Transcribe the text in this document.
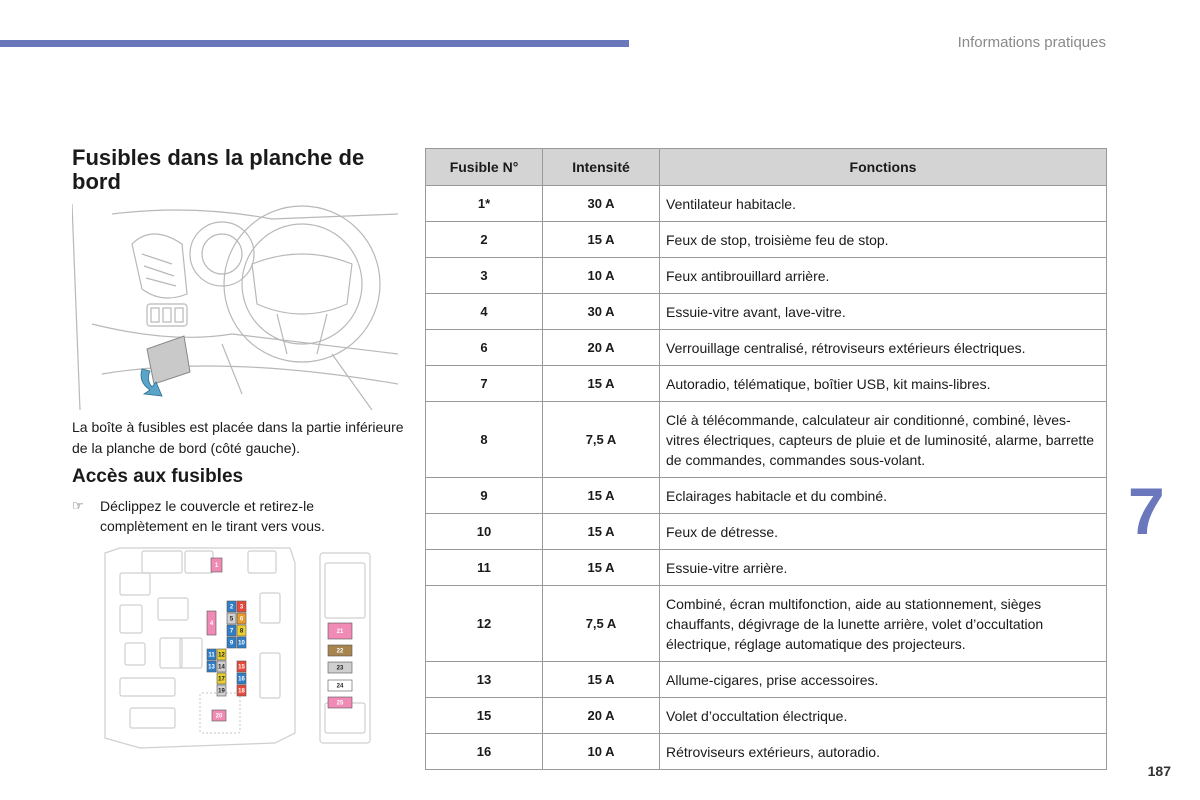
Informations pratiques
7
187
Fusibles dans la planche de bord
La boîte à fusibles est placée dans la partie inférieure de la planche de bord (côté gauche).
Accès aux fusibles
☞ Déclippez le couvercle et retirez-le complètement en le tirant vers vous.
1
2 3
4
5 6
7 8
9 10
11 12
13 14 15
16
17
18
19
20
21
22
23
24
25
Fusible N°	Intensité	Fonctions
1*	30 A	Ventilateur habitacle.
2	15 A	Feux de stop, troisième feu de stop.
3	10 A	Feux antibrouillard arrière.
4	30 A	Essuie-vitre avant, lave-vitre.
6	20 A	Verrouillage centralisé, rétroviseurs extérieurs électriques.
7	15 A	Autoradio, télématique, boîtier USB, kit mains-libres.
8	7,5 A	Clé à télécommande, calculateur air conditionné, combiné, lèves-vitres électriques, capteurs de pluie et de luminosité, alarme, barrette de commandes, commandes sous-volant.
9	15 A	Eclairages habitacle et du combiné.
10	15 A	Feux de détresse.
11	15 A	Essuie-vitre arrière.
12	7,5 A	Combiné, écran multifonction, aide au stationnement, sièges chauffants, dégivrage de la lunette arrière, volet d’occultation électrique, réglage automatique des projecteurs.
13	15 A	Allume-cigares, prise accessoires.
15	20 A	Volet d’occultation électrique.
16	10 A	Rétroviseurs extérieurs, autoradio.
